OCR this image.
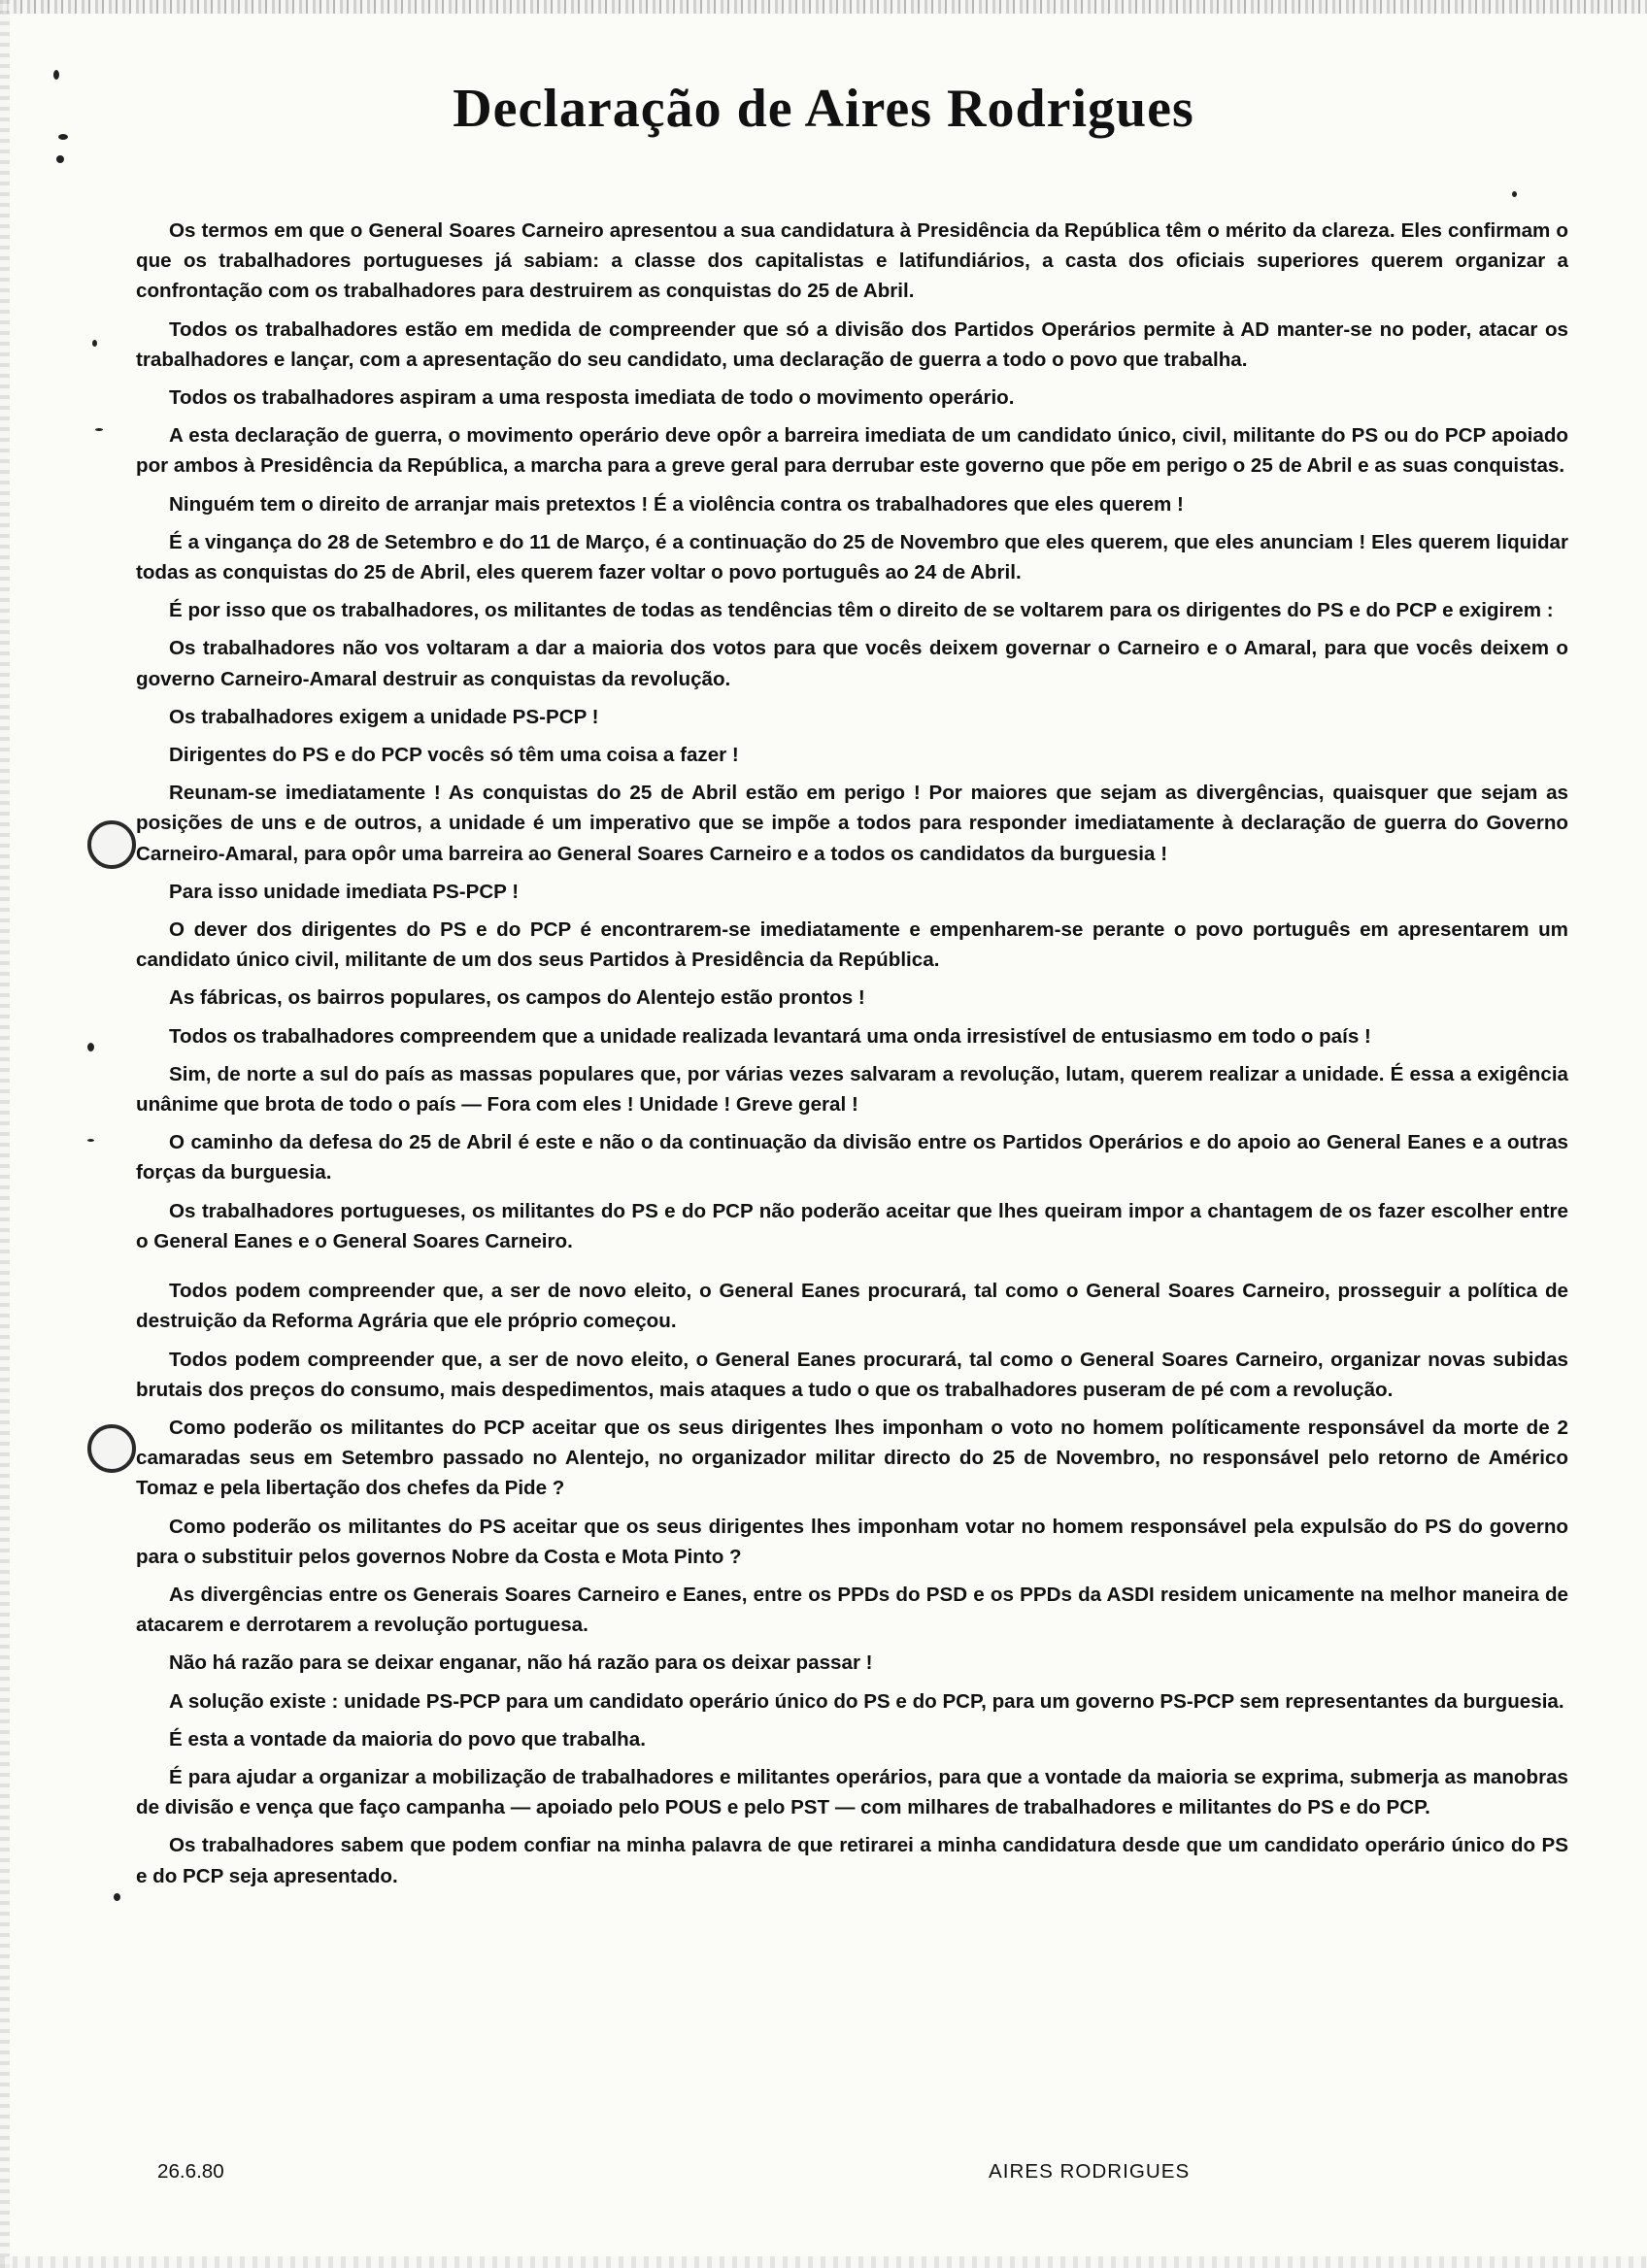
Declaração de Aires Rodrigues

Os termos em que o General Soares Carneiro apresentou a sua candidatura à Presidência da República têm o mérito da clareza. Eles confirmam o que os trabalhadores portugueses já sabiam: a classe dos capitalistas e latifundiários, a casta dos oficiais superiores querem organizar a confrontação com os trabalhadores para destruirem as conquistas do 25 de Abril.

Todos os trabalhadores estão em medida de compreender que só a divisão dos Partidos Operários permite à AD manter-se no poder, atacar os trabalhadores e lançar, com a apresentação do seu candidato, uma declaração de guerra a todo o povo que trabalha.

Todos os trabalhadores aspiram a uma resposta imediata de todo o movimento operário.

A esta declaração de guerra, o movimento operário deve opôr a barreira imediata de um candidato único, civil, militante do PS ou do PCP apoiado por ambos à Presidência da República, a marcha para a greve geral para derrubar este governo que põe em perigo o 25 de Abril e as suas conquistas.

Ninguém tem o direito de arranjar mais pretextos ! É a violência contra os trabalhadores que eles querem !

É a vingança do 28 de Setembro e do 11 de Março, é a continuação do 25 de Novembro que eles querem, que eles anunciam ! Eles querem liquidar todas as conquistas do 25 de Abril, eles querem fazer voltar o povo português ao 24 de Abril.

É por isso que os trabalhadores, os militantes de todas as tendências têm o direito de se voltarem para os dirigentes do PS e do PCP e exigirem :

Os trabalhadores não vos voltaram a dar a maioria dos votos para que vocês deixem governar o Carneiro e o Amaral, para que vocês deixem o governo Carneiro-Amaral destruir as conquistas da revolução.

Os trabalhadores exigem a unidade PS-PCP !

Dirigentes do PS e do PCP vocês só têm uma coisa a fazer !

Reunam-se imediatamente ! As conquistas do 25 de Abril estão em perigo ! Por maiores que sejam as divergências, quaisquer que sejam as posições de uns e de outros, a unidade é um imperativo que se impõe a todos para responder imediatamente à declaração de guerra do Governo Carneiro-Amaral, para opôr uma barreira ao General Soares Carneiro e a todos os candidatos da burguesia !

Para isso unidade imediata PS-PCP !

O dever dos dirigentes do PS e do PCP é encontrarem-se imediatamente e empenharem-se perante o povo português em apresentarem um candidato único civil, militante de um dos seus Partidos à Presidência da República.

As fábricas, os bairros populares, os campos do Alentejo estão prontos !

Todos os trabalhadores compreendem que a unidade realizada levantará uma onda irresistível de entusiasmo em todo o país !

Sim, de norte a sul do país as massas populares que, por várias vezes salvaram a revolução, lutam, querem realizar a unidade. É essa a exigência unânime que brota de todo o país — Fora com eles ! Unidade ! Greve geral !

O caminho da defesa do 25 de Abril é este e não o da continuação da divisão entre os Partidos Operários e do apoio ao General Eanes e a outras forças da burguesia.

Os trabalhadores portugueses, os militantes do PS e do PCP não poderão aceitar que lhes queiram impor a chantagem de os fazer escolher entre o General Eanes e o General Soares Carneiro.

Todos podem compreender que, a ser de novo eleito, o General Eanes procurará, tal como o General Soares Carneiro, prosseguir a política de destruição da Reforma Agrária que ele próprio começou.

Todos podem compreender que, a ser de novo eleito, o General Eanes procurará, tal como o General Soares Carneiro, organizar novas subidas brutais dos preços do consumo, mais despedimentos, mais ataques a tudo o que os trabalhadores puseram de pé com a revolução.

Como poderão os militantes do PCP aceitar que os seus dirigentes lhes imponham o voto no homem políticamente responsável da morte de 2 camaradas seus em Setembro passado no Alentejo, no organizador militar directo do 25 de Novembro, no responsável pelo retorno de Américo Tomaz e pela libertação dos chefes da Pide ?

Como poderão os militantes do PS aceitar que os seus dirigentes lhes imponham votar no homem responsável pela expulsão do PS do governo para o substituir pelos governos Nobre da Costa e Mota Pinto ?

As divergências entre os Generais Soares Carneiro e Eanes, entre os PPDs do PSD e os PPDs da ASDI residem unicamente na melhor maneira de atacarem e derrotarem a revolução portuguesa.

Não há razão para se deixar enganar, não há razão para os deixar passar !

A solução existe : unidade PS-PCP para um candidato operário único do PS e do PCP, para um governo PS-PCP sem representantes da burguesia.

É esta a vontade da maioria do povo que trabalha.

É para ajudar a organizar a mobilização de trabalhadores e militantes operários, para que a vontade da maioria se exprima, submerja as manobras de divisão e vença que faço campanha — apoiado pelo POUS e pelo PST — com milhares de trabalhadores e militantes do PS e do PCP.

Os trabalhadores sabem que podem confiar na minha palavra de que retirarei a minha candidatura desde que um candidato operário único do PS e do PCP seja apresentado.

26.6.80	AIRES RODRIGUES
